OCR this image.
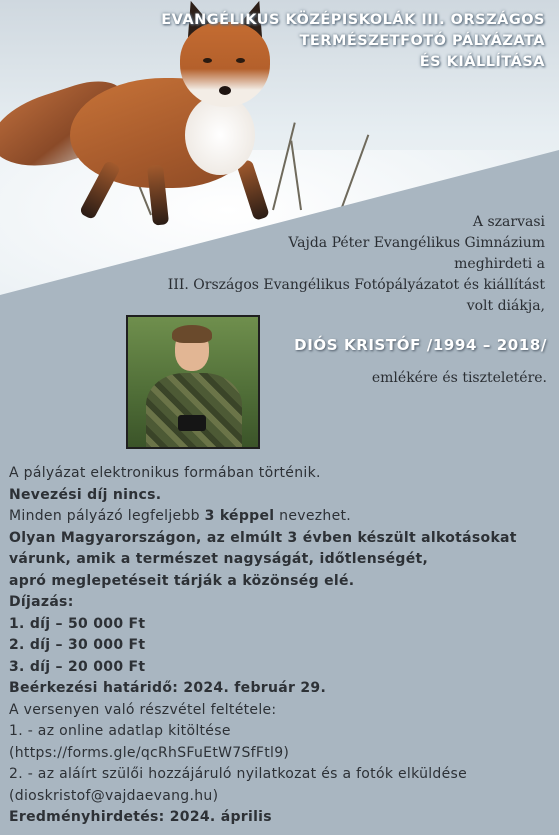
EVANGÉLIKUS KÖZÉPISKOLÁK III. ORSZÁGOS
TERMÉSZETFOTÓ PÁLYÁZATA
ÉS KIÁLLÍTÁSA
A szarvasi
Vajda Péter Evangélikus Gimnázium
meghirdeti a
III. Országos Evangélikus Fotópályázatot és kiállítást
volt diákja,
DIÓS KRISTÓF /1994 – 2018/
emlékére és tiszteletére.
A pályázat elektronikus formában történik.
Nevezési díj nincs.
Minden pályázó legfeljebb 3 képpel nevezhet.
Olyan Magyarországon, az elmúlt 3 évben készült alkotásokat
várunk, amik a természet nagyságát, időtlenségét,
apró meglepetéseit tárják a közönség elé.
Díjazás:
1. díj – 50 000 Ft
2. díj – 30 000 Ft
3. díj – 20 000 Ft
Beérkezési határidő: 2024. február 29.
A versenyen való részvétel feltétele:
1. - az online adatlap kitöltése
(https://forms.gle/qcRhSFuEtW7SfFtl9)
2. - az aláírt szülői hozzájáruló nyilatkozat és a fotók elküldése
(dioskristof@vajdaevang.hu)
Eredményhirdetés: 2024. április
